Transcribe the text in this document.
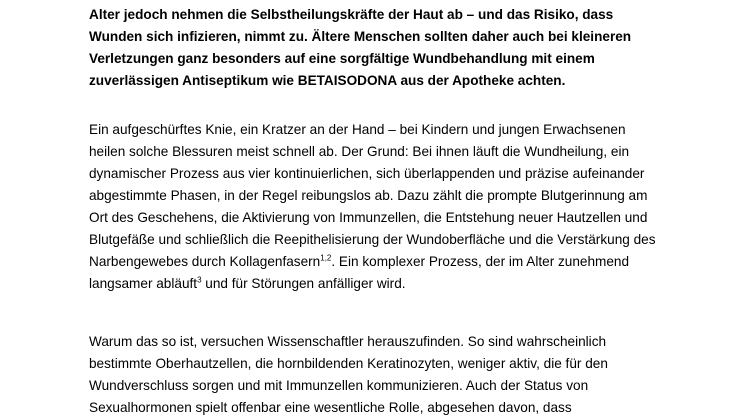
Alter jedoch nehmen die Selbstheilungskräfte der Haut ab – und das Risiko, dass
Wunden sich infizieren, nimmt zu. Ältere Menschen sollten daher auch bei kleineren
Verletzungen ganz besonders auf eine sorgfältige Wundbehandlung mit einem
zuverlässigen Antiseptikum wie BETAISODONA aus der Apotheke achten.

Ein aufgeschürftes Knie, ein Kratzer an der Hand – bei Kindern und jungen Erwachsenen
heilen solche Blessuren meist schnell ab. Der Grund: Bei ihnen läuft die Wundheilung, ein
dynamischer Prozess aus vier kontinuierlichen, sich überlappenden und präzise aufeinander
abgestimmte Phasen, in der Regel reibungslos ab. Dazu zählt die prompte Blutgerinnung am
Ort des Geschehens, die Aktivierung von Immunzellen, die Entstehung neuer Hautzellen und
Blutgefäße und schließlich die Reepithelisierung der Wundoberfläche und die Verstärkung des
Narbengewebes durch Kollagenfasern$^{1,2}$. Ein komplexer Prozess, der im Alter zunehmend
langsamer abläuft$^3$ und für Störungen anfälliger wird.

Warum das so ist, versuchen Wissenschaftler herauszufinden. So sind wahrscheinlich
bestimmte Oberhautzellen, die hornbildenden Keratinozyten, weniger aktiv, die für den
Wundverschluss sorgen und mit Immunzellen kommunizieren. Auch der Status von
Sexualhormonen spielt offenbar eine wesentliche Rolle, abgesehen davon, dass
